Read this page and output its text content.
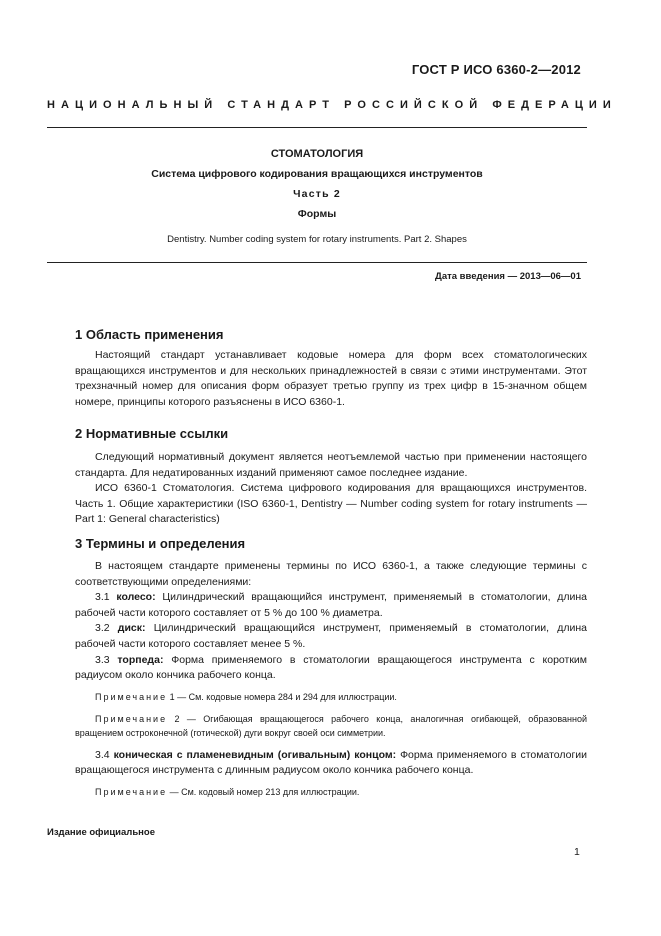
ГОСТ Р ИСО 6360-2—2012
НАЦИОНАЛЬНЫЙ СТАНДАРТ РОССИЙСКОЙ ФЕДЕРАЦИИ
СТОМАТОЛОГИЯ
Система цифрового кодирования вращающихся инструментов
Часть 2
Формы
Dentistry. Number coding system for rotary instruments. Part 2. Shapes
Дата введения — 2013—06—01
1 Область применения

Настоящий стандарт устанавливает кодовые номера для форм всех стоматологических вращающихся инструментов и для нескольких принадлежностей в связи с этими инструментами. Этот трехзначный номер для описания форм образует третью группу из трех цифр в 15-значном общем номере, принципы которого разъяснены в ИСО 6360-1.

2 Нормативные ссылки

Следующий нормативный документ является неотъемлемой частью при применении настоящего стандарта. Для недатированных изданий применяют самое последнее издание.

ИСО 6360-1 Стоматология. Система цифрового кодирования для вращающихся инструментов. Часть 1. Общие характеристики (ISO 6360-1, Dentistry — Number coding system for rotary instruments — Part 1: General characteristics)

3 Термины и определения

В настоящем стандарте применены термины по ИСО 6360-1, а также следующие термины с соответствующими определениями:

3.1 колесо: Цилиндрический вращающийся инструмент, применяемый в стоматологии, длина рабочей части которого составляет от 5 % до 100 % диаметра.

3.2 диск: Цилиндрический вращающийся инструмент, применяемый в стоматологии, длина рабочей части которого составляет менее 5 %.

3.3 торпеда: Форма применяемого в стоматологии вращающегося инструмента с коротким радиусом около кончика рабочего конца.

Примечание 1 — См. кодовые номера 284 и 294 для иллюстрации.

Примечание 2 — Огибающая вращающегося рабочего конца, аналогичная огибающей, образованной вращением остроконечной (готической) дуги вокруг своей оси симметрии.

3.4 коническая с пламеневидным (огивальным) концом: Форма применяемого в стоматологии вращающегося инструмента с длинным радиусом около кончика рабочего конца.

Примечание — См. кодовый номер 213 для иллюстрации.

Издание официальное
1
